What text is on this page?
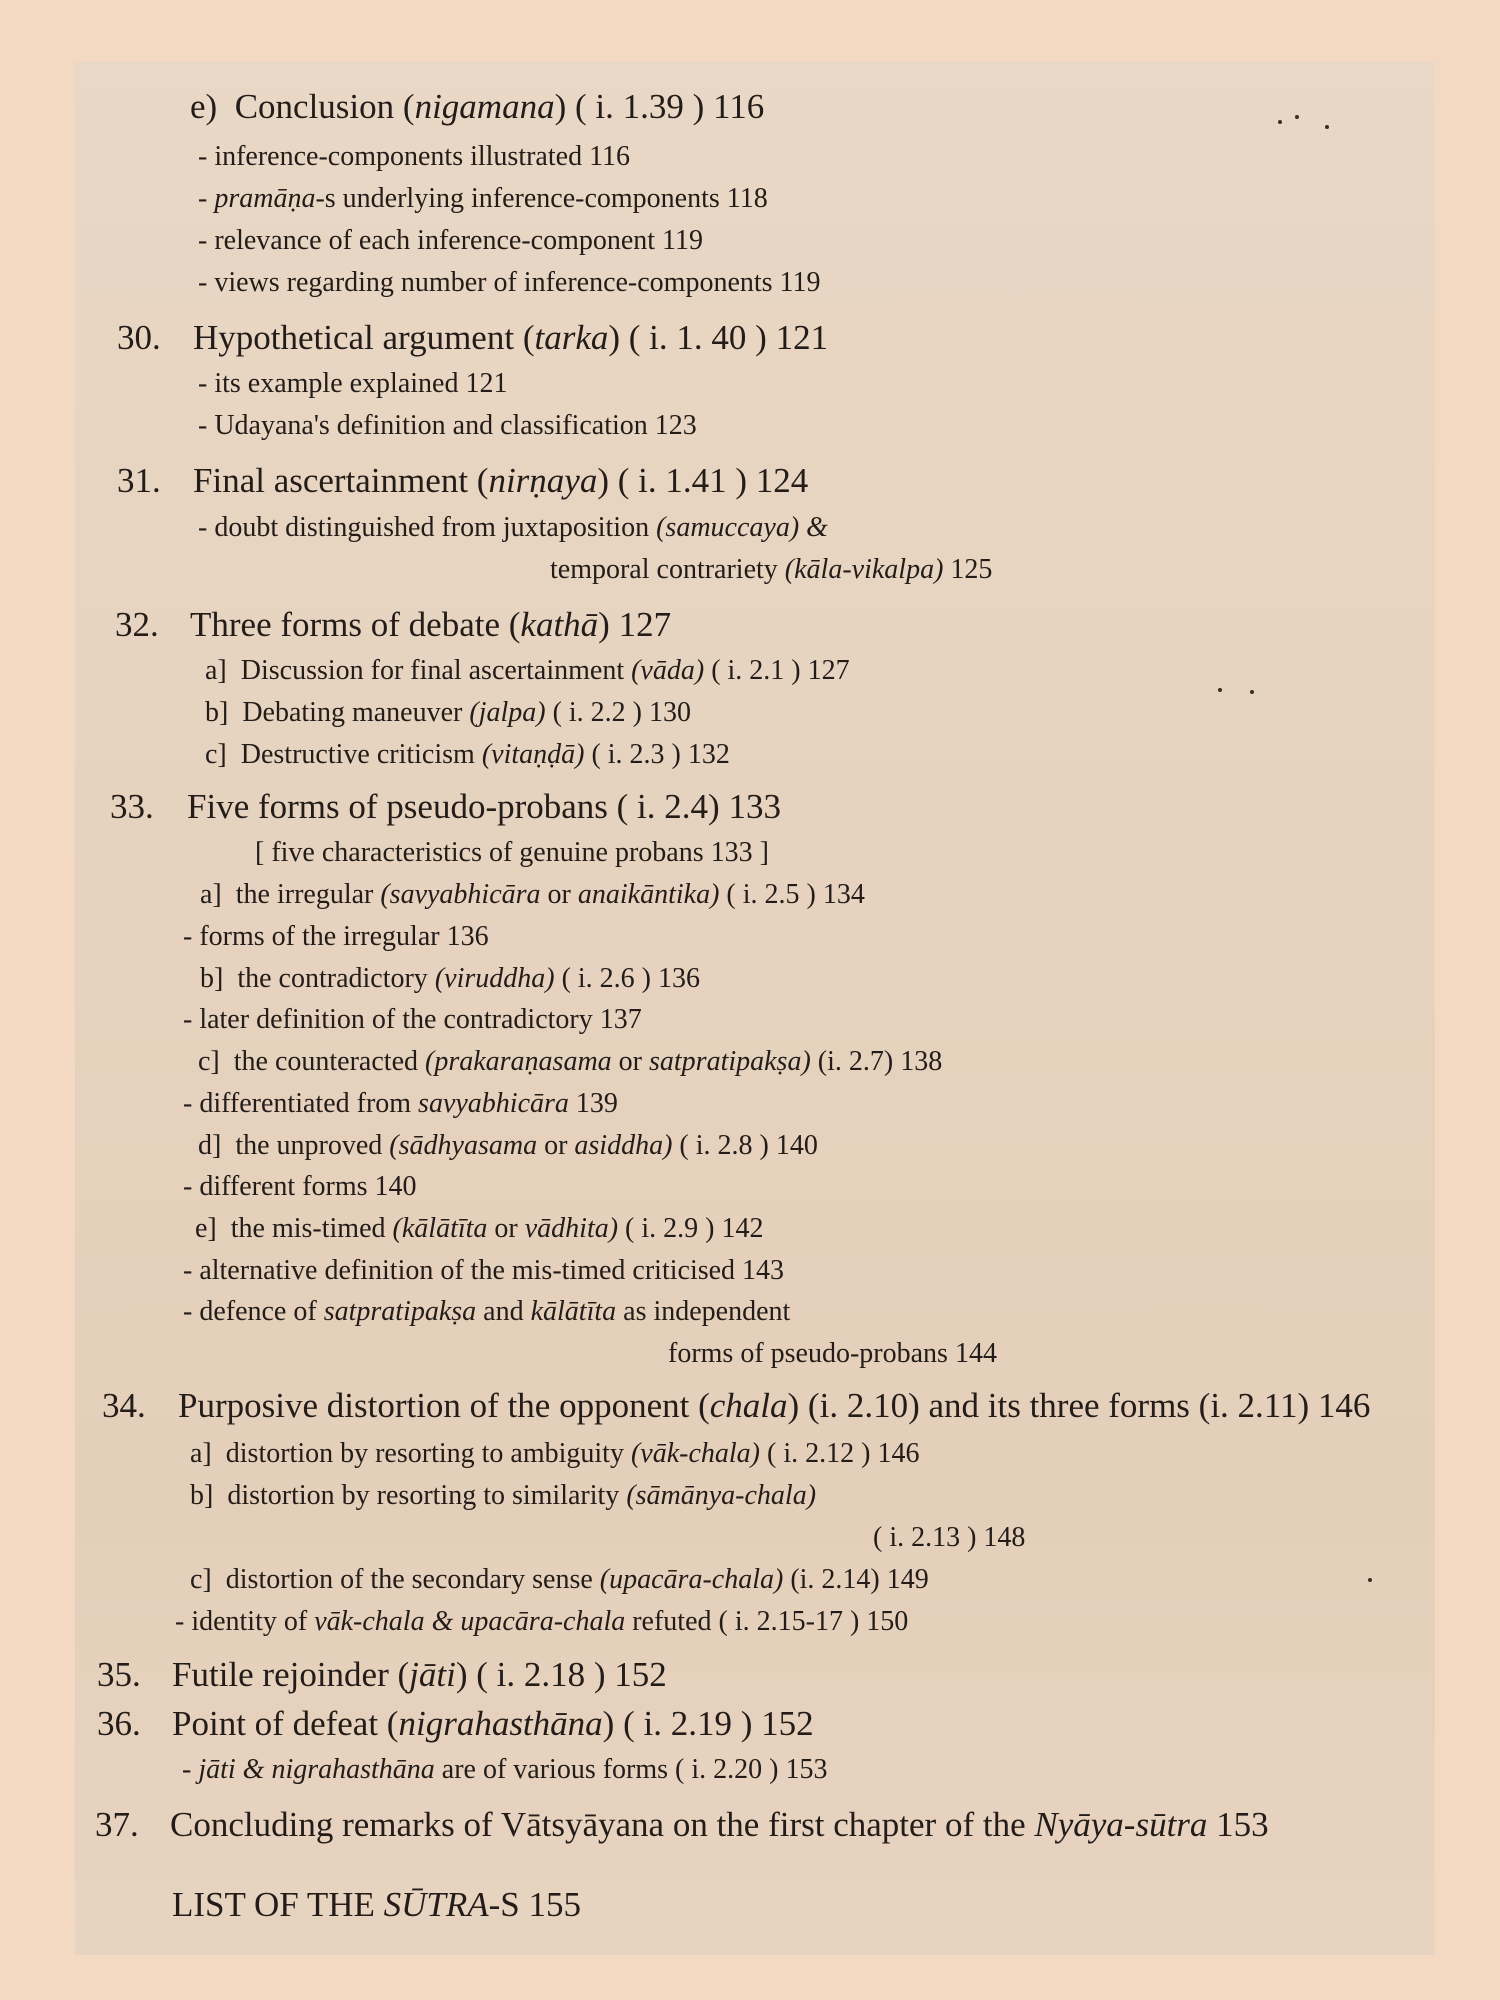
e) Conclusion (nigamana) ( i. 1.39 ) 116
- inference-components illustrated 116
- pramāṇa-s underlying inference-components 118
- relevance of each inference-component 119
- views regarding number of inference-components 119
30. Hypothetical argument (tarka) ( i. 1. 40 ) 121
- its example explained 121
- Udayana's definition and classification 123
31. Final ascertainment (nirṇaya) ( i. 1.41 ) 124
- doubt distinguished from juxtaposition (samuccaya) &
temporal contrariety (kāla-vikalpa) 125
32. Three forms of debate (kathā) 127
a] Discussion for final ascertainment (vāda) ( i. 2.1 ) 127
b] Debating maneuver (jalpa) ( i. 2.2 ) 130
c] Destructive criticism (vitaṇḍā) ( i. 2.3 ) 132
33. Five forms of pseudo-probans ( i. 2.4) 133
[ five characteristics of genuine probans 133 ]
a] the irregular (savyabhicāra or anaikāntika) ( i. 2.5 ) 134
- forms of the irregular 136
b] the contradictory (viruddha) ( i. 2.6 ) 136
- later definition of the contradictory 137
c] the counteracted (prakaraṇasama or satpratipakṣa) (i. 2.7) 138
- differentiated from savyabhicāra 139
d] the unproved (sādhyasama or asiddha) ( i. 2.8 ) 140
- different forms 140
e] the mis-timed (kālātīta or vādhita) ( i. 2.9 ) 142
- alternative definition of the mis-timed criticised 143
- defence of satpratipakṣa and kālātīta as independent
forms of pseudo-probans 144
34. Purposive distortion of the opponent (chala) (i. 2.10) and its three forms (i. 2.11) 146
a] distortion by resorting to ambiguity (vāk-chala) ( i. 2.12 ) 146
b] distortion by resorting to similarity (sāmānya-chala)
( i. 2.13 ) 148
c] distortion of the secondary sense (upacāra-chala) (i. 2.14) 149
- identity of vāk-chala & upacāra-chala refuted ( i. 2.15-17 ) 150
35. Futile rejoinder (jāti) ( i. 2.18 ) 152
36. Point of defeat (nigrahasthāna) ( i. 2.19 ) 152
- jāti & nigrahasthāna are of various forms ( i. 2.20 ) 153
37. Concluding remarks of Vātsyāyana on the first chapter of the Nyāya-sūtra 153
LIST OF THE SŪTRA-S 155
